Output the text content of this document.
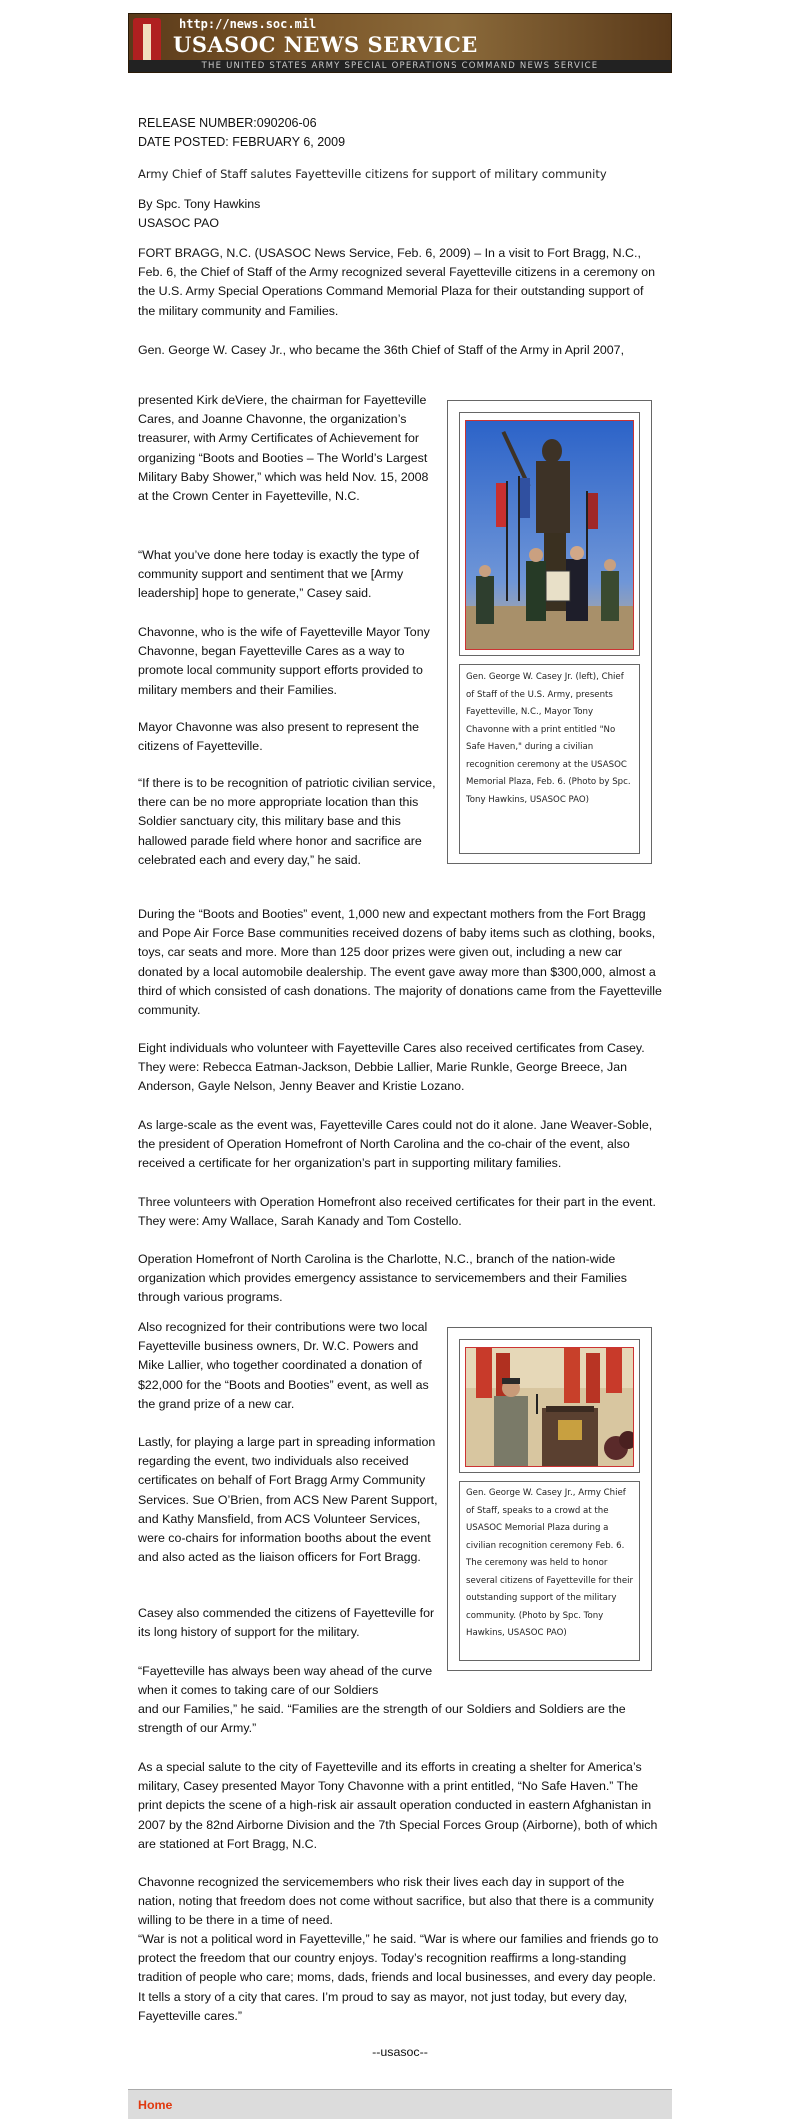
http://news.soc.mil
USASOC NEWS SERVICE
THE UNITED STATES ARMY SPECIAL OPERATIONS COMMAND NEWS SERVICE

RELEASE NUMBER:090206-06

DATE POSTED: FEBRUARY 6, 2009

Army Chief of Staff salutes Fayetteville citizens for support of military community

By Spc. Tony Hawkins

USASOC PAO

FORT BRAGG, N.C. (USASOC News Service, Feb. 6, 2009) – In a visit to Fort Bragg, N.C., Feb. 6, the Chief of Staff of the Army recognized several Fayetteville citizens in a ceremony on the U.S. Army Special Operations Command Memorial Plaza for their outstanding support of the military community and Families.
Gen. George W. Casey Jr., who became the 36th Chief of Staff of the Army in April 2007,
presented Kirk deViere, the chairman for Fayetteville Cares, and Joanne Chavonne, the organization’s treasurer, with Army Certificates of Achievement for organizing “Boots and Booties – The World’s Largest Military Baby Shower,” which was held Nov. 15, 2008 at the Crown Center in Fayetteville, N.C.
“What you’ve done here today is exactly the type of community support and sentiment that we [Army leadership] hope to generate,” Casey said.
Chavonne, who is the wife of Fayetteville Mayor Tony Chavonne, began Fayetteville Cares as a way to promote local community support efforts provided to military members and their Families.
Mayor Chavonne was also present to represent the citizens of Fayetteville.
“If there is to be recognition of patriotic civilian service, there can be no more appropriate location than this Soldier sanctuary city, this military base and this hallowed parade field where honor and sacrifice are celebrated each and every day,” he said.
Gen. George W. Casey Jr. (left), Chief of Staff of the U.S. Army, presents Fayetteville, N.C., Mayor Tony Chavonne with a print entitled "No Safe Haven," during a civilian recognition ceremony at the USASOC Memorial Plaza, Feb. 6. (Photo by Spc. Tony Hawkins, USASOC PAO)
During the “Boots and Booties” event, 1,000 new and expectant mothers from the Fort Bragg and Pope Air Force Base communities received dozens of baby items such as clothing, books, toys, car seats and more. More than 125 door prizes were given out, including a new car donated by a local automobile dealership. The event gave away more than $300,000, almost a third of which consisted of cash donations. The majority of donations came from the Fayetteville community.
Eight individuals who volunteer with Fayetteville Cares also received certificates from Casey. They were: Rebecca Eatman-Jackson, Debbie Lallier, Marie Runkle, George Breece, Jan Anderson, Gayle Nelson, Jenny Beaver and Kristie Lozano.
As large-scale as the event was, Fayetteville Cares could not do it alone. Jane Weaver-Soble, the president of Operation Homefront of North Carolina and the co-chair of the event, also received a certificate for her organization’s part in supporting military families.
Three volunteers with Operation Homefront also received certificates for their part in the event. They were: Amy Wallace, Sarah Kanady and Tom Costello.
Operation Homefront of North Carolina is the Charlotte, N.C., branch of the nation-wide organization which provides emergency assistance to servicemembers and their Families through various programs.
Also recognized for their contributions were two local Fayetteville business owners, Dr. W.C. Powers and Mike Lallier, who together coordinated a donation of $22,000 for the “Boots and Booties” event, as well as the grand prize of a new car.
Lastly, for playing a large part in spreading information regarding the event, two individuals also received certificates on behalf of Fort Bragg Army Community Services. Sue O’Brien, from ACS New Parent Support, and Kathy Mansfield, from ACS Volunteer Services, were co-chairs for information booths about the event and also acted as the liaison officers for Fort Bragg.
Casey also commended the citizens of Fayetteville for its long history of support for the military.
“Fayetteville has always been way ahead of the curve when it comes to taking care of our Soldiers
and our Families,” he said. “Families are the strength of our Soldiers and Soldiers are the strength of our Army.”
Gen. George W. Casey Jr., Army Chief of Staff, speaks to a crowd at the USASOC Memorial Plaza during a civilian recognition ceremony Feb. 6. The ceremony was held to honor several citizens of Fayetteville for their outstanding support of the military community. (Photo by Spc. Tony Hawkins, USASOC PAO)
As a special salute to the city of Fayetteville and its efforts in creating a shelter for America’s military, Casey presented Mayor Tony Chavonne with a print entitled, “No Safe Haven.” The print depicts the scene of a high-risk air assault operation conducted in eastern Afghanistan in 2007 by the 82nd Airborne Division and the 7th Special Forces Group (Airborne), both of which are stationed at Fort Bragg, N.C.
Chavonne recognized the servicemembers who risk their lives each day in support of the nation, noting that freedom does not come without sacrifice, but also that there is a community willing to be there in a time of need.
“War is not a political word in Fayetteville,” he said. “War is where our families and friends go to protect the freedom that our country enjoys. Today’s recognition reaffirms a long-standing tradition of people who care; moms, dads, friends and local businesses, and every day people. It tells a story of a city that cares. I’m proud to say as mayor, not just today, but every day, Fayetteville cares.”
--usasoc--
Home
